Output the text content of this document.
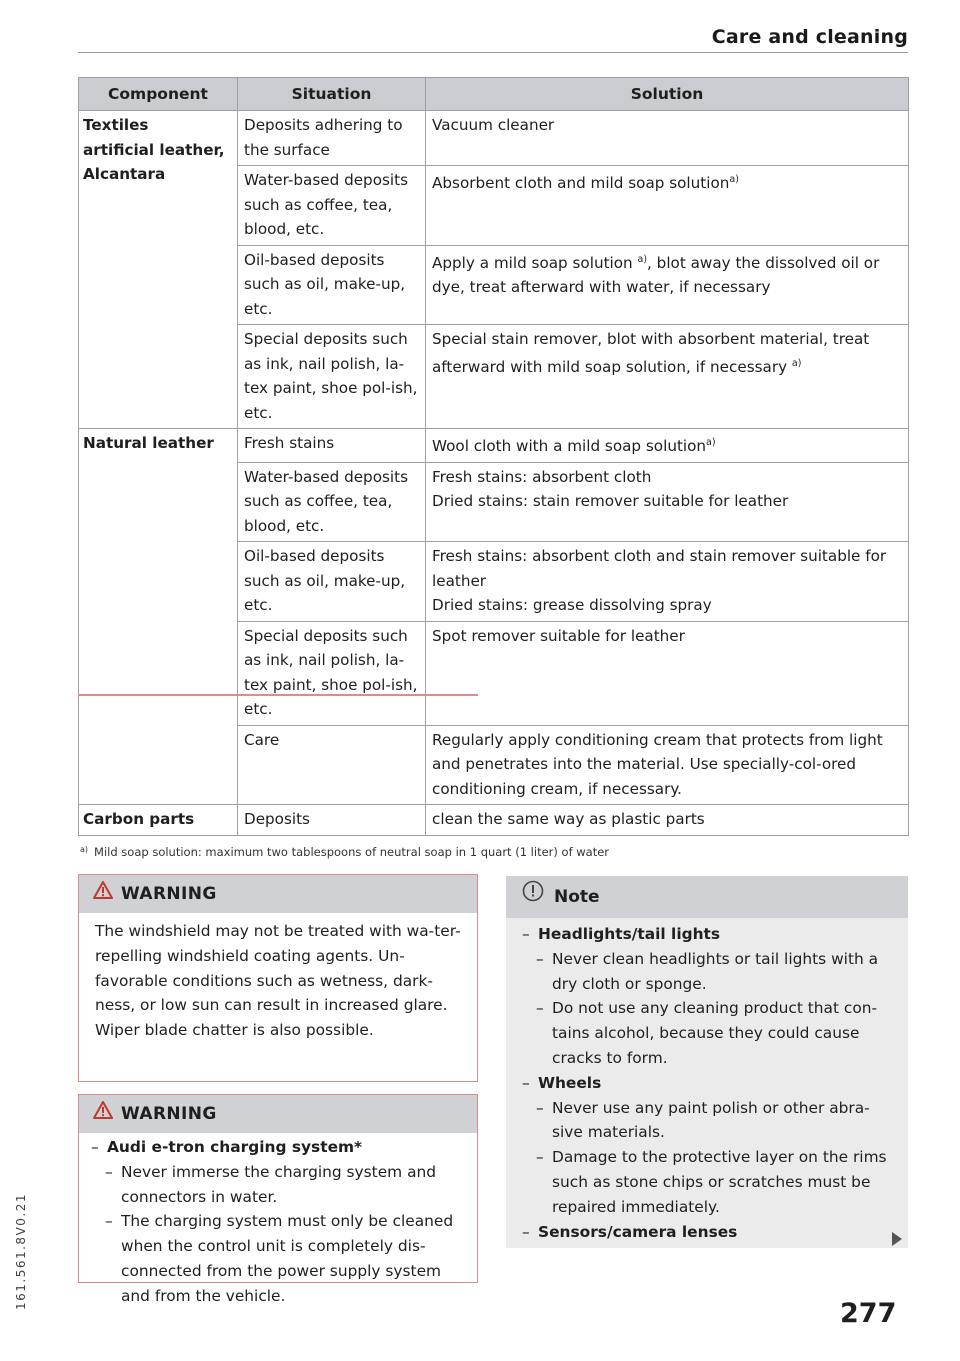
Care and cleaning
Component	Situation	Solution

Textiles
artificial leather,
Alcantara	Deposits adhering to the surface	Vacuum cleaner
	Water-based deposits such as coffee, tea, blood, etc.	Absorbent cloth and mild soap solution$^{a)}$
	Oil-based deposits such as oil, make-up, etc.	Apply a mild soap solution $^{a)}$, blot away the dissolved oil or dye, treat afterward with water, if necessary
	Special deposits such as ink, nail polish, la-tex paint, shoe pol-ish, etc.	Special stain remover, blot with absorbent material, treat afterward with mild soap solution, if necessary $^{a)}$

Natural leather	Fresh stains	Wool cloth with a mild soap solution$^{a)}$
	Water-based deposits such as coffee, tea, blood, etc.	Fresh stains: absorbent cloth
Dried stains: stain remover suitable for leather

	Oil-based deposits such as oil, make-up, etc.	Fresh stains: absorbent cloth and stain remover suitable for leather
Dried stains: grease dissolving spray

	Special deposits such as ink, nail polish, la-tex paint, shoe pol-ish, etc.	Spot remover suitable for leather
	Care	Regularly apply conditioning cream that protects from light and penetrates into the material. Use specially-col-ored conditioning cream, if necessary.

Carbon parts	Deposits	clean the same way as plastic parts
$^{a)}$ Mild soap solution: maximum two tablespoons of neutral soap in 1 quart (1 liter) of water
WARNING
The windshield may not be treated with wa-ter-repelling windshield coating agents. Un-favorable conditions such as wetness, dark-ness, or low sun can result in increased glare. Wiper blade chatter is also possible.
WARNING
– Audi e-tron charging system*
– Never immerse the charging system and connectors in water.
– The charging system must only be cleaned when the control unit is completely dis-connected from the power supply system and from the vehicle.
Note
– Headlights/tail lights
– Never clean headlights or tail lights with a dry cloth or sponge.
– Do not use any cleaning product that con-tains alcohol, because they could cause cracks to form.
– Wheels
– Never use any paint polish or other abra-sive materials.
– Damage to the protective layer on the rims such as stone chips or scratches must be repaired immediately.
– Sensors/camera lenses
277
161.561.8V0.21
